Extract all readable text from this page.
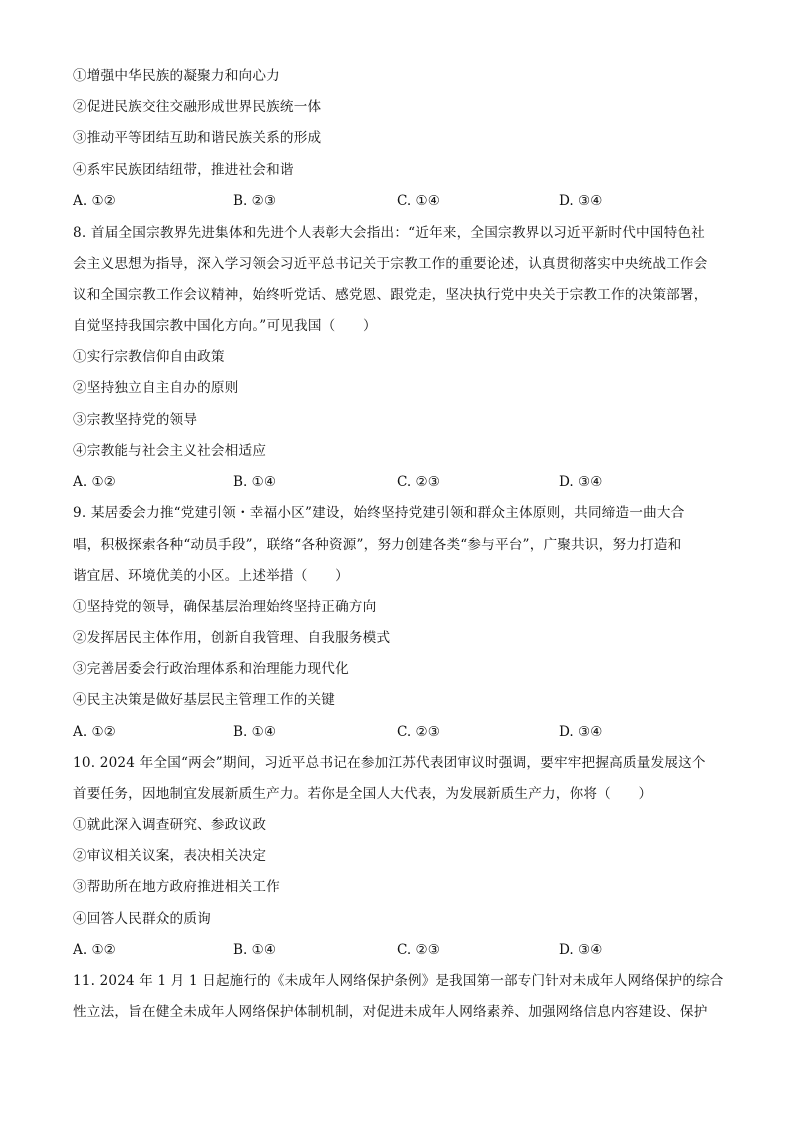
①增强中华民族的凝聚力和向心力
②促进民族交往交融形成世界民族统一体
③推动平等团结互助和谐民族关系的形成
④系牢民族团结纽带，推进社会和谐
A. ①②	B. ②③	C. ①④	D. ③④
8. 首届全国宗教界先进集体和先进个人表彰大会指出：“近年来，全国宗教界以习近平新时代中国特色社
会主义思想为指导，深入学习领会习近平总书记关于宗教工作的重要论述，认真贯彻落实中央统战工作会
议和全国宗教工作会议精神，始终听党话、感党恩、跟党走，坚决执行党中央关于宗教工作的决策部署，
自觉坚持我国宗教中国化方向。”可见我国（　　）
①实行宗教信仰自由政策
②坚持独立自主自办的原则
③宗教坚持党的领导
④宗教能与社会主义社会相适应
A. ①②	B. ①④	C. ②③	D. ③④
9. 某居委会力推“党建引领・幸福小区”建设，始终坚持党建引领和群众主体原则，共同缔造一曲大合
唱，积极探索各种“动员手段”，联络“各种资源”，努力创建各类“参与平台”，广聚共识，努力打造和
谐宜居、环境优美的小区。上述举措（　　）
①坚持党的领导，确保基层治理始终坚持正确方向
②发挥居民主体作用，创新自我管理、自我服务模式
③完善居委会行政治理体系和治理能力现代化
④民主决策是做好基层民主管理工作的关键
A. ①②	B. ①④	C. ②③	D. ③④
10. 2024 年全国“两会”期间，习近平总书记在参加江苏代表团审议时强调，要牢牢把握高质量发展这个
首要任务，因地制宜发展新质生产力。若你是全国人大代表，为发展新质生产力，你将（　　）
①就此深入调查研究、参政议政
②审议相关议案，表决相关决定
③帮助所在地方政府推进相关工作
④回答人民群众的质询
A. ①②	B. ①④	C. ②③	D. ③④
11. 2024 年 1 月 1 日起施行的《未成年人网络保护条例》是我国第一部专门针对未成年人网络保护的综合
性立法，旨在健全未成年人网络保护体制机制，对促进未成年人网络素养、加强网络信息内容建设、保护
